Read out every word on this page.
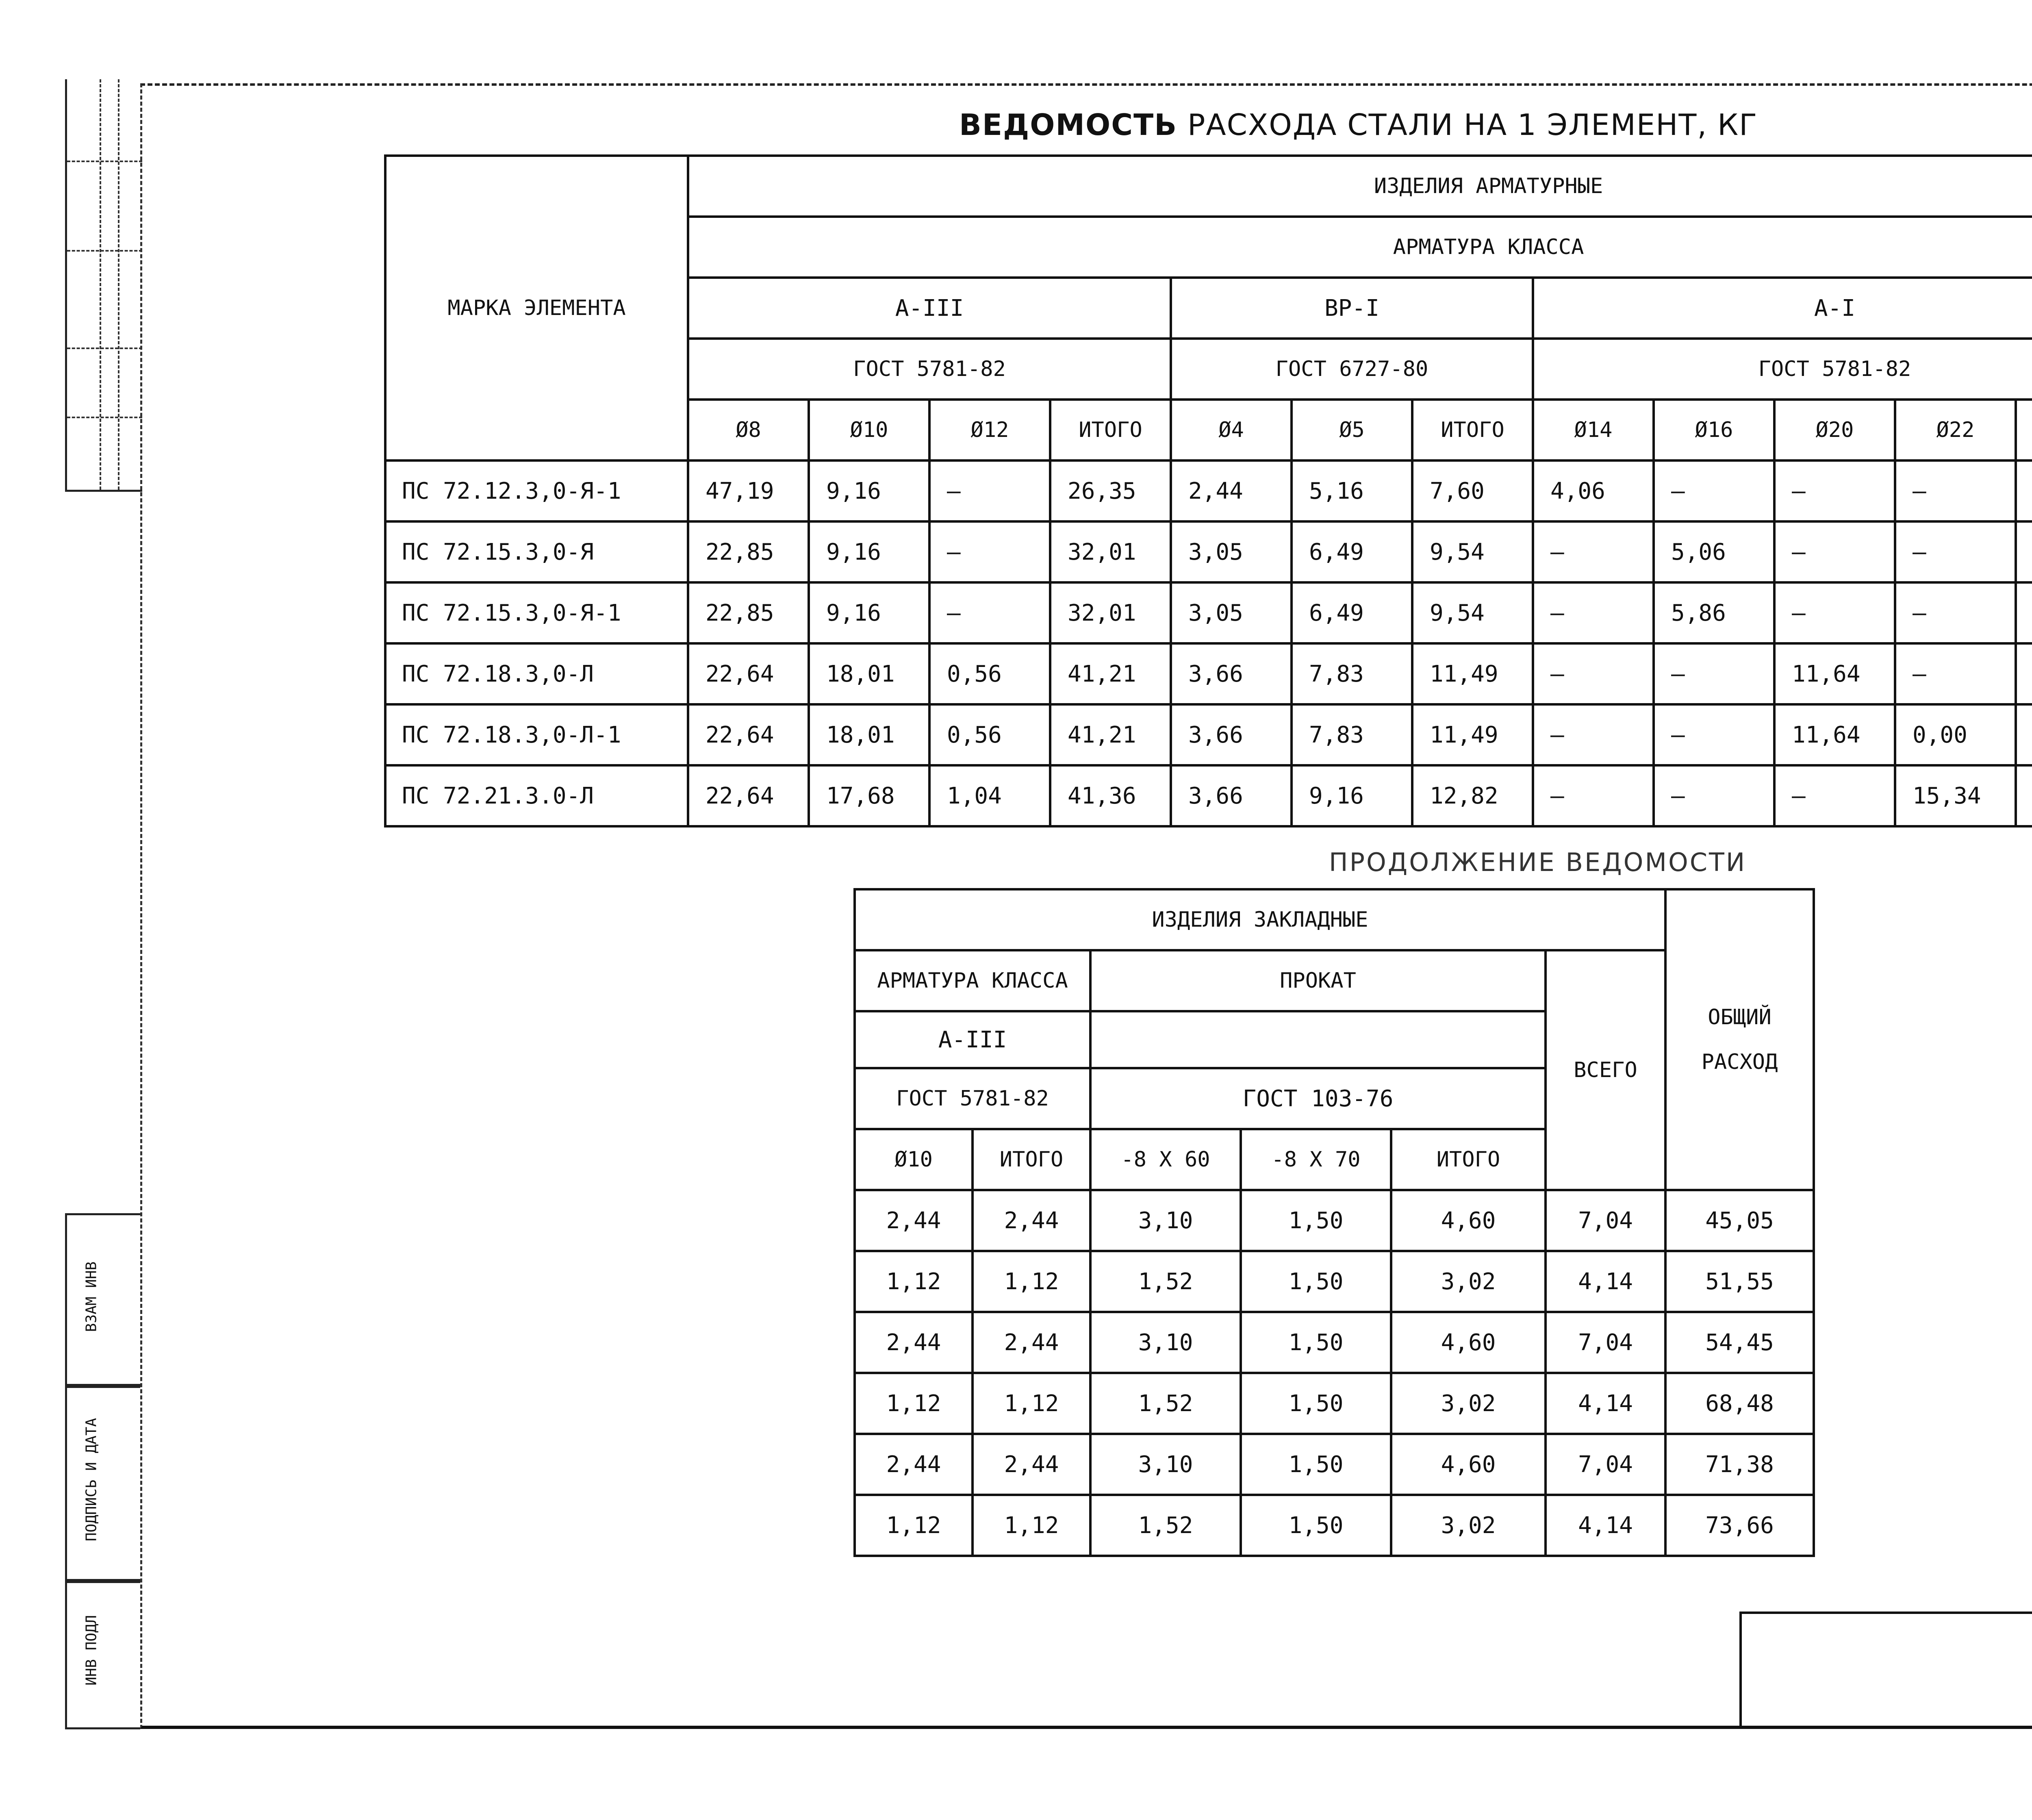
ВЗАМ ИНВ
ПОДПИСЬ И ДАТА
ИНВ ПОДЛ
ВЕДОМОСТЬ РАСХОДА СТАЛИ НА 1 ЭЛЕМЕНТ, КГ
МАРКА ЭЛЕМЕНТА	ИЗДЕЛИЯ АРМАТУРНЫЕ												
	АРМАТУРА КЛАССА												
	А-III				ВР-I			А-I	
	ГОСТ 5781-82				ГОСТ 6727-80			ГОСТ 5781-82					
	Ø8	Ø10	Ø12	ИТОГО	Ø4	Ø5	ИТОГО	Ø14	Ø16	Ø20	Ø22	
ПС 72.12.3,0-Я-1	47,19	9,16	—	26,35	2,44	5,16	7,60	4,06	—	—	—		
ПС 72.15.3,0-Я	22,85	9,16	—	32,01	3,05	6,49	9,54	—	5,06	—	—		
ПС 72.15.3,0-Я-1	22,85	9,16	—	32,01	3,05	6,49	9,54	—	5,86	—	—		
ПС 72.18.3,0-Л	22,64	18,01	0,56	41,21	3,66	7,83	11,49	—	—	11,64	—		
ПС 72.18.3,0-Л-1	22,64	18,01	0,56	41,21	3,66	7,83	11,49	—	—	11,64	0,00		
ПС 72.21.3.0-Л	22,64	17,68	1,04	41,36	3,66	9,16	12,82	—	—	—	15,34		
ПРОДОЛЖЕНИЕ ВЕДОМОСТИ
ИЗДЕЛИЯ ЗАКЛАДНЫЕ						ОБЩИЙ РАСХОД
АРМАТУРА КЛАССА		ПРОКАТ			ВСЕГО	
А-III						
ГОСТ 5781-82		ГОСТ 103-76				
Ø10	ИТОГО	-8 Х 60	-8 Х 70	ИТОГО		
2,44	2,44	3,10	1,50	4,60	7,04	45,05
1,12	1,12	1,52	1,50	3,02	4,14	51,55
2,44	2,44	3,10	1,50	4,60	7,04	54,45
1,12	1,12	1,52	1,50	3,02	4,14	68,48
2,44	2,44	3,10	1,50	4,60	7,04	71,38
1,12	1,12	1,52	1,50	3,02	4,14	73,66
